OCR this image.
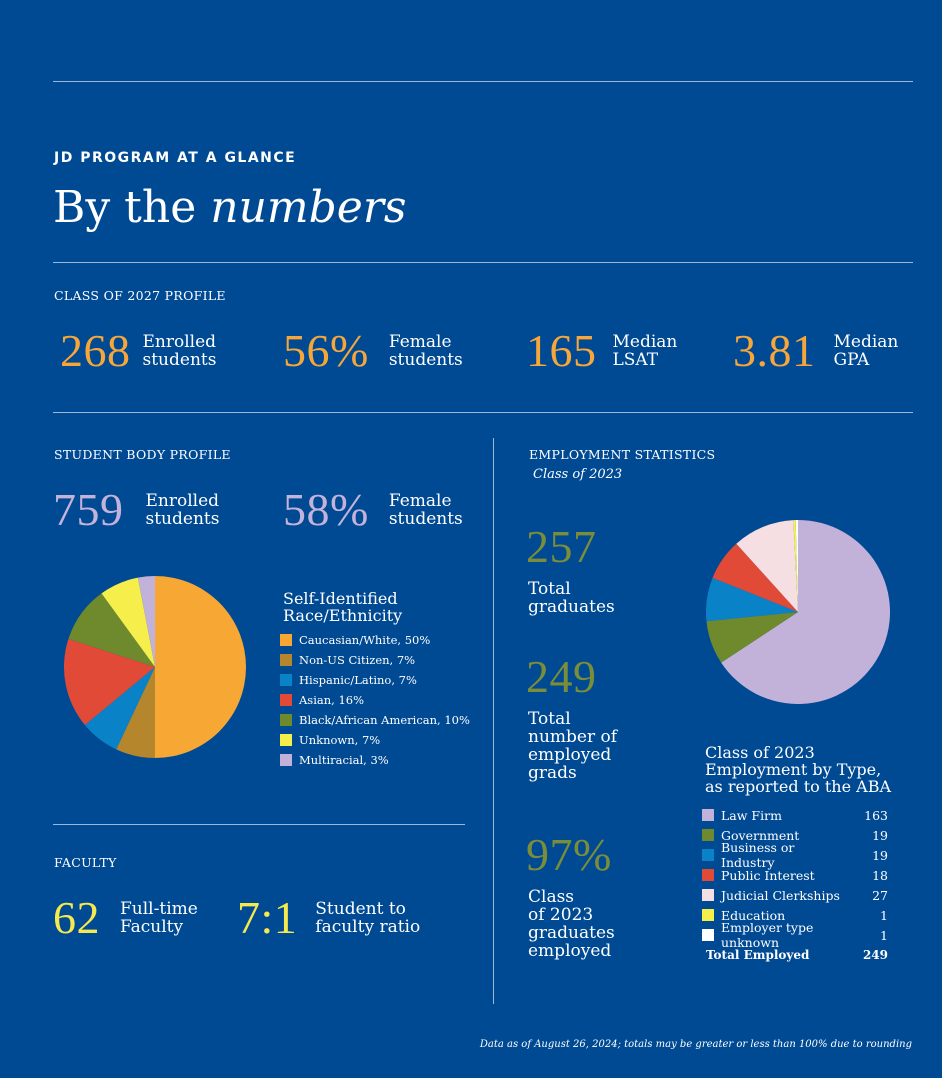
JD PROGRAM AT A GLANCE
By the numbers
CLASS OF 2027 PROFILE
268 Enrolled
students 56% Female
students 165 Median
LSAT	3.81 Median
GPA
STUDENT BODY PROFILE
759 Enrolled
students 58% Female
students
Self-Identified
Race/Ethnicity
Caucasian/White, 50%
Non-US Citizen, 7%
Hispanic/Latino, 7%
Asian, 16%
Black/African American, 10%
Unknown, 7%
Multiracial, 3%
FACULTY
62 Full-time
Faculty	7:1 Student to
faculty ratio
EMPLOYMENT STATISTICS
Class of 2023
257
Total
graduates
249
Total
number of
employed
grads
97%
Class
of 2023
graduates
employed
Class of 2023
Employment by Type,
as reported to the ABA
Law Firm	163
Government	19
Business or Industry	19
Public Interest	18
Judicial Clerkships	27
Education	1
Employer type unknown	1
Total Employed	249
Data as of August 26, 2024; totals may be greater or less than 100% due to rounding
